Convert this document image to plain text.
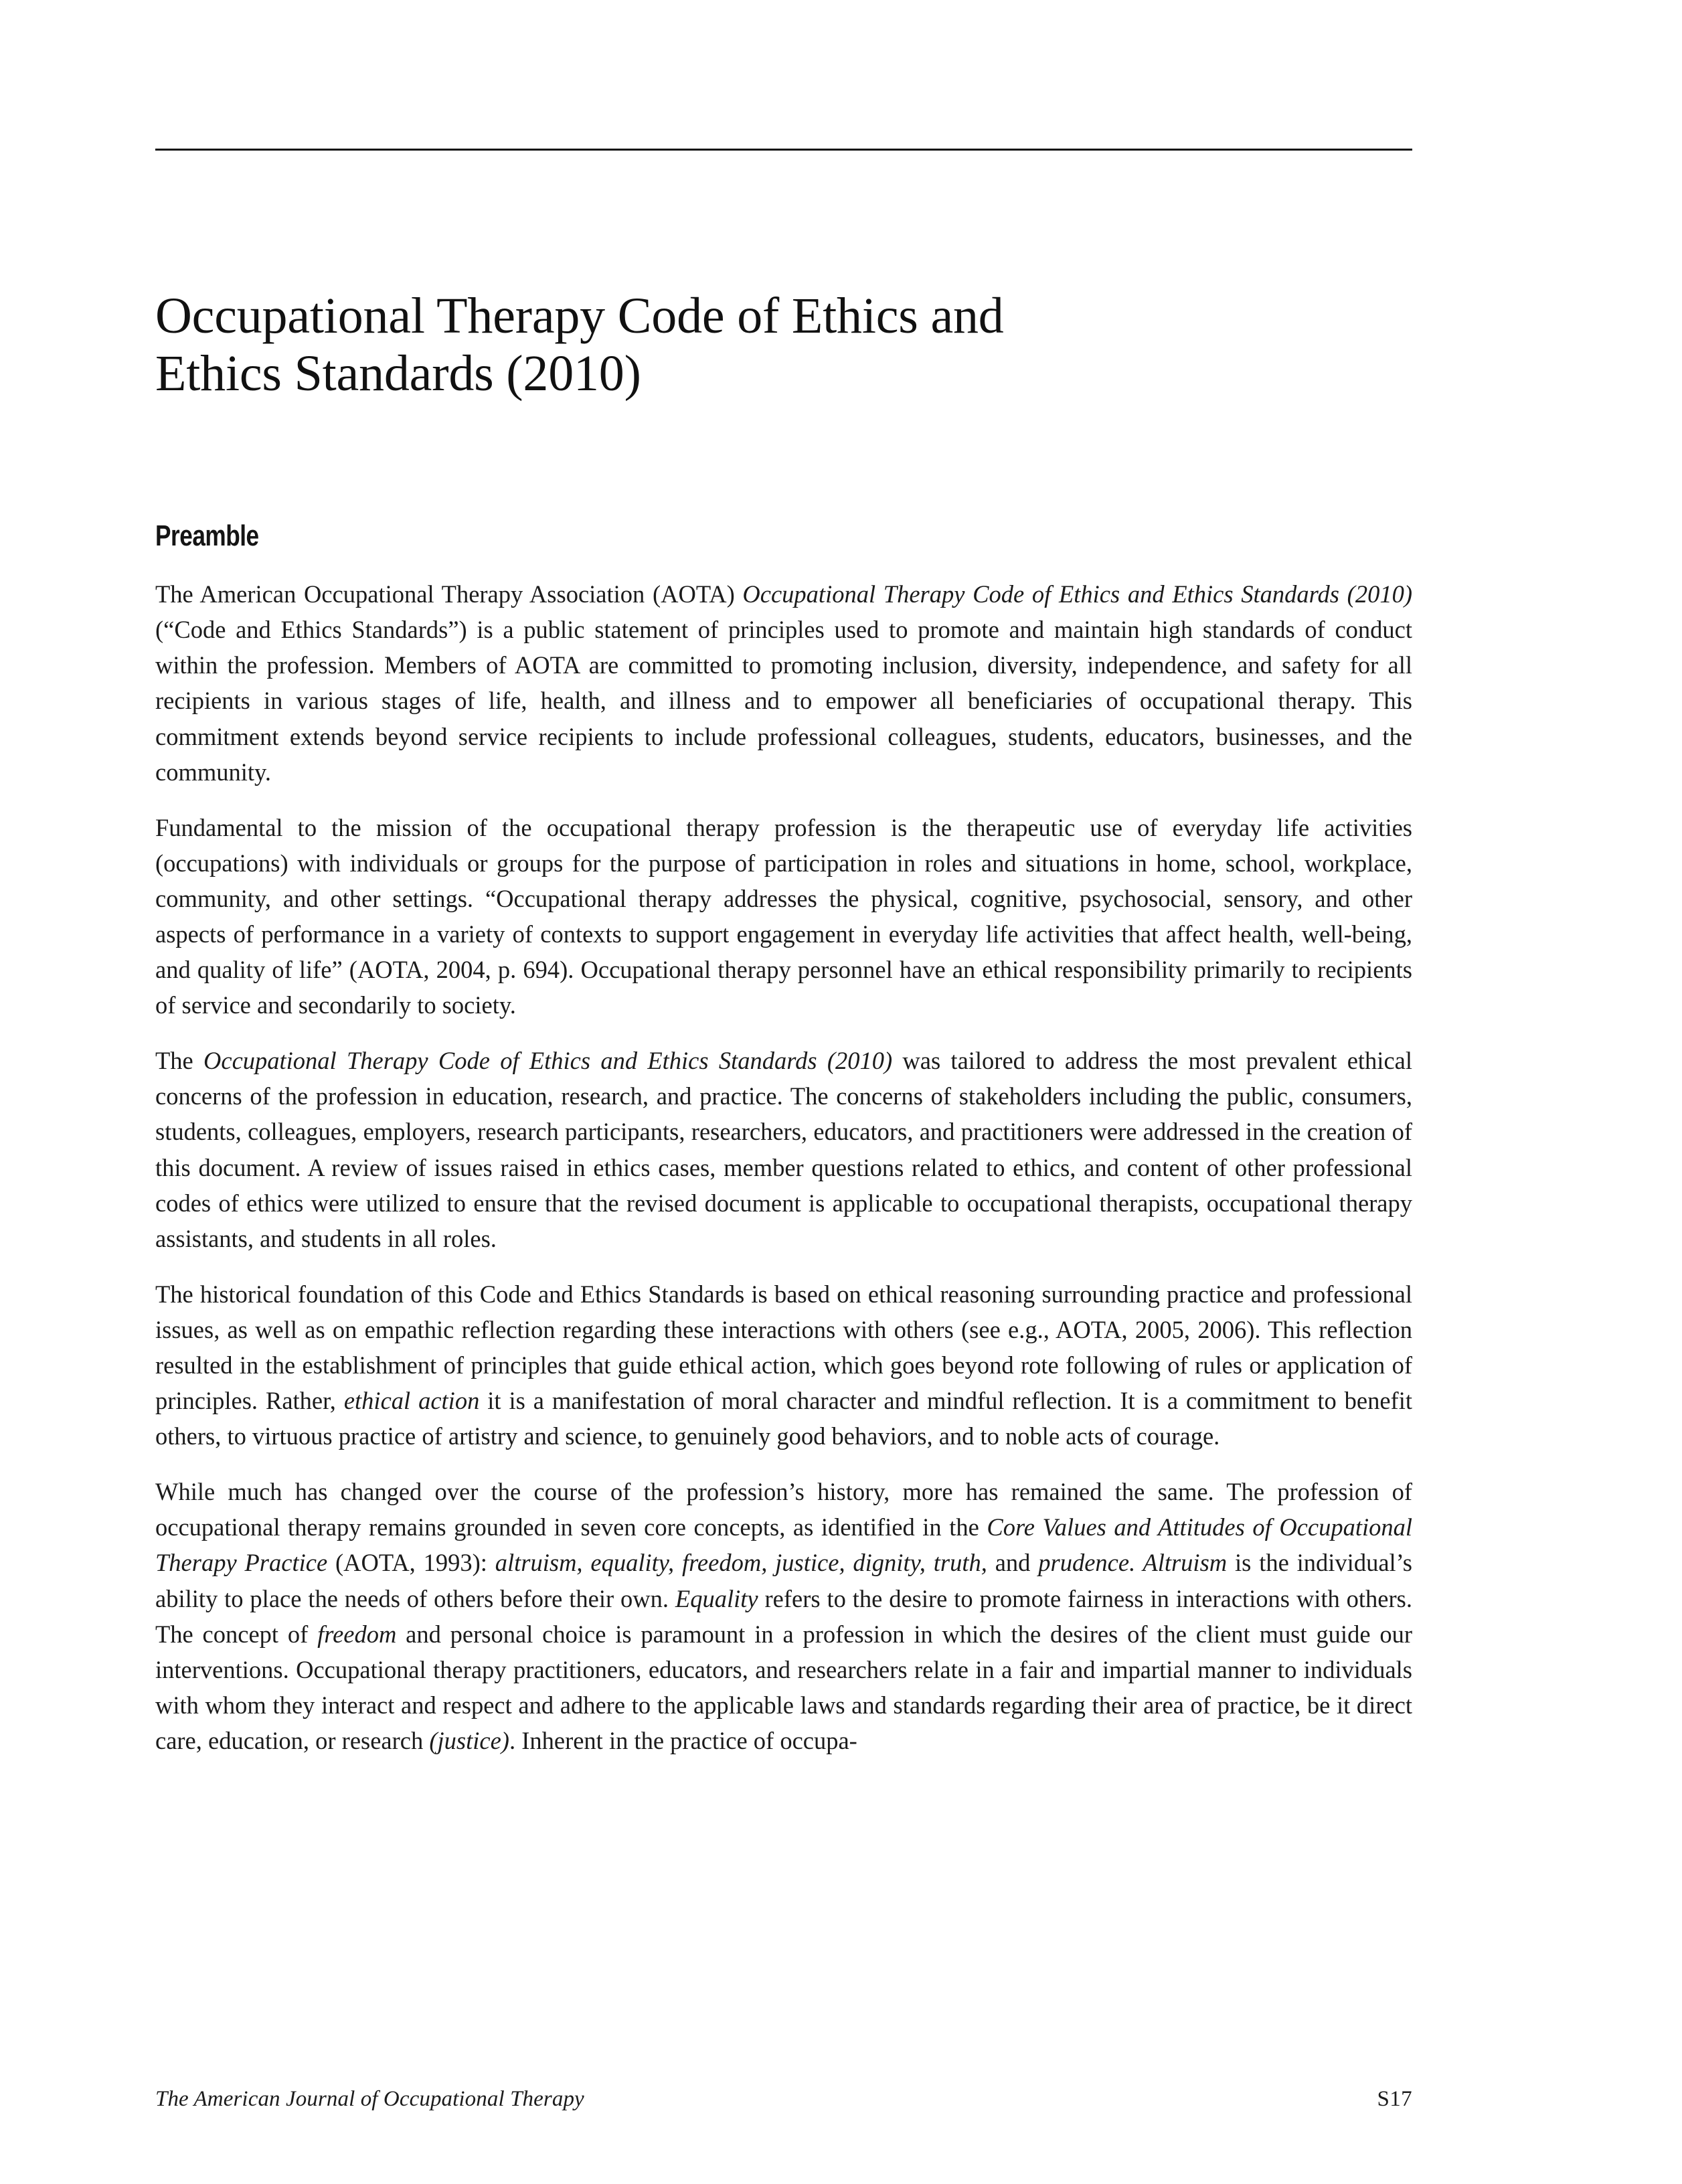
Occupational Therapy Code of Ethics and
Ethics Standards (2010)
Preamble

The American Occupational Therapy Association (AOTA) Occupational Therapy Code of Ethics and Ethics Standards (2010) (“Code and Ethics Standards”) is a public statement of principles used to promote and maintain high standards of conduct within the profession. Members of AOTA are committed to promoting inclusion, diversity, independence, and safety for all recipients in various stages of life, health, and illness and to empower all beneficiaries of occupational therapy. This commitment extends beyond service recipients to include professional colleagues, students, educators, businesses, and the community.

Fundamental to the mission of the occupational therapy profession is the therapeutic use of everyday life activities (occupations) with individuals or groups for the purpose of participation in roles and situations in home, school, workplace, community, and other settings. “Occupational therapy addresses the physical, cognitive, psychosocial, sensory, and other aspects of performance in a variety of contexts to support engagement in everyday life activities that affect health, well-being, and quality of life” (AOTA, 2004, p. 694). Occupational therapy personnel have an ethical responsibility primarily to recipients of service and secondarily to society.

The Occupational Therapy Code of Ethics and Ethics Standards (2010) was tailored to address the most prevalent ethical concerns of the profession in education, research, and practice. The concerns of stakeholders including the public, consumers, students, colleagues, employers, research participants, researchers, educators, and practitioners were addressed in the creation of this document. A review of issues raised in ethics cases, member questions related to ethics, and content of other professional codes of ethics were utilized to ensure that the revised document is applicable to occupational therapists, occupational therapy assistants, and students in all roles.

The historical foundation of this Code and Ethics Standards is based on ethical reasoning surrounding practice and professional issues, as well as on empathic reflection regarding these interactions with others (see e.g., AOTA, 2005, 2006). This reflection resulted in the establishment of principles that guide ethical action, which goes beyond rote following of rules or application of principles. Rather, ethical action it is a manifestation of moral character and mindful reflection. It is a commitment to benefit others, to virtuous practice of artistry and science, to genuinely good behaviors, and to noble acts of courage.

While much has changed over the course of the profession’s history, more has remained the same. The profession of occupational therapy remains grounded in seven core concepts, as identified in the Core Values and Attitudes of Occupational Therapy Practice (AOTA, 1993): altruism, equality, freedom, justice, dignity, truth, and prudence. Altruism is the individual’s ability to place the needs of others before their own. Equality refers to the desire to promote fairness in interactions with others. The concept of freedom and personal choice is paramount in a profession in which the desires of the client must guide our interventions. Occupational therapy practitioners, educators, and researchers relate in a fair and impartial manner to individuals with whom they interact and respect and adhere to the applicable laws and standards regarding their area of practice, be it direct care, education, or research (justice). Inherent in the practice of occupa-

The American Journal of Occupational Therapy	S17
